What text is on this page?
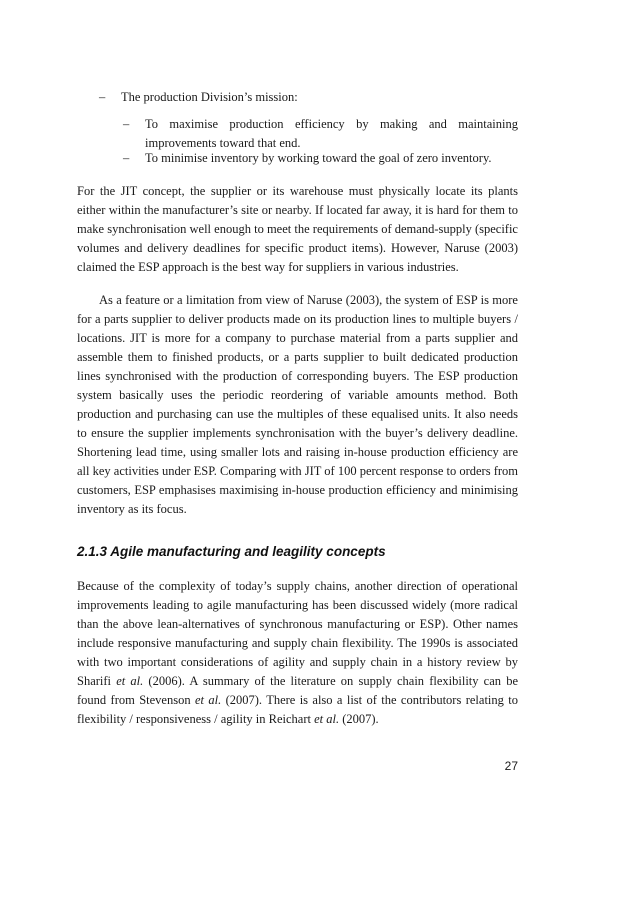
–	The production Division’s mission:
–	To maximise production efficiency by making and maintaining improvements toward that end.
–	To minimise inventory by working toward the goal of zero inventory.

For the JIT concept, the supplier or its warehouse must physically locate its plants either within the manufacturer’s site or nearby. If located far away, it is hard for them to make synchronisation well enough to meet the requirements of demand-supply (specific volumes and delivery deadlines for specific product items). However, Naruse (2003) claimed the ESP approach is the best way for suppliers in various industries.

As a feature or a limitation from view of Naruse (2003), the system of ESP is more for a parts supplier to deliver products made on its production lines to multiple buyers / locations. JIT is more for a company to purchase material from a parts supplier and assemble them to finished products, or a parts supplier to built dedicated production lines synchronised with the production of corresponding buyers. The ESP production system basically uses the periodic reordering of variable amounts method. Both production and purchasing can use the multiples of these equalised units. It also needs to ensure the supplier implements synchronisation with the buyer’s delivery deadline. Shortening lead time, using smaller lots and raising in-house production efficiency are all key activities under ESP. Comparing with JIT of 100 percent response to orders from customers, ESP emphasises maximising in-house production efficiency and minimising inventory as its focus.

2.1.3 Agile manufacturing and leagility concepts

Because of the complexity of today’s supply chains, another direction of operational improvements leading to agile manufacturing has been discussed widely (more radical than the above lean-alternatives of synchronous manufacturing or ESP). Other names include responsive manufacturing and supply chain flexibility. The 1990s is associated with two important considerations of agility and supply chain in a history review by Sharifi et al. (2006). A summary of the literature on supply chain flexibility can be found from Stevenson et al. (2007). There is also a list of the contributors relating to flexibility / responsiveness / agility in Reichart et al. (2007).

27
